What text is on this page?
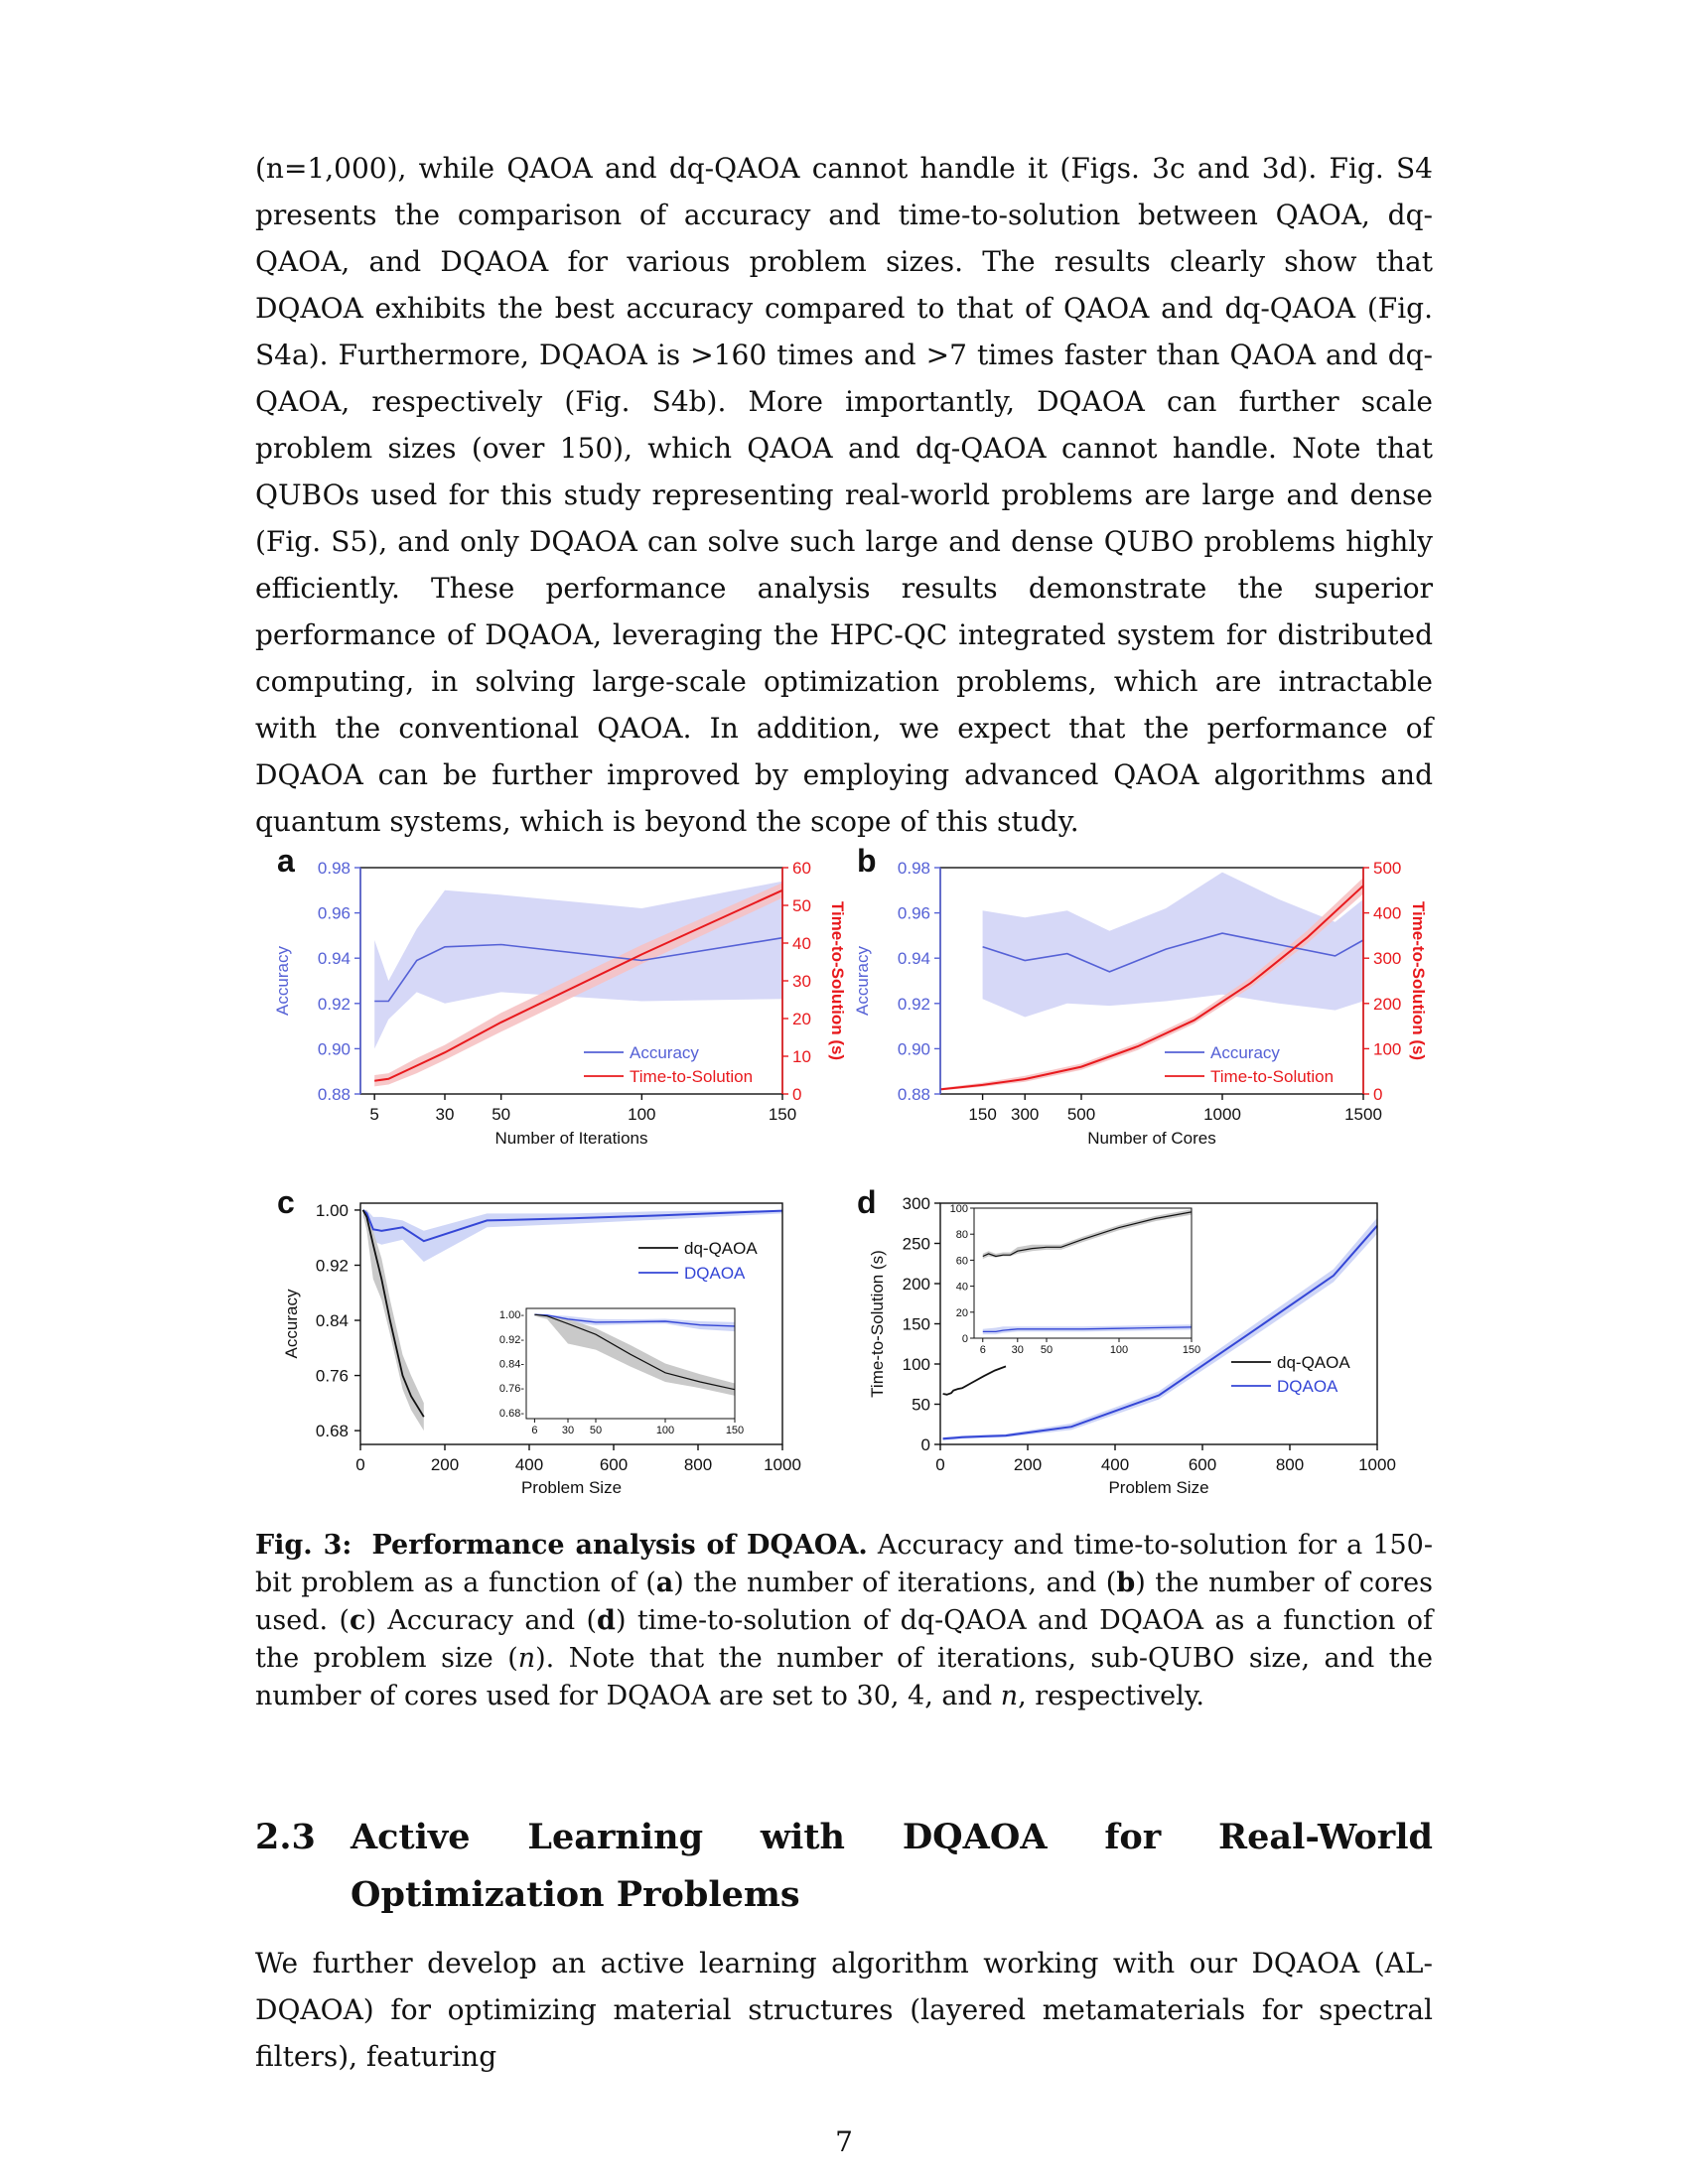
(n=1,000), while QAOA and dq-QAOA cannot handle it (Figs. 3c and 3d). Fig. S4 presents the comparison of accuracy and time-to-solution between QAOA, dq-QAOA, and DQAOA for various problem sizes. The results clearly show that DQAOA exhibits the best accuracy compared to that of QAOA and dq-QAOA (Fig. S4a). Furthermore, DQAOA is >160 times and >7 times faster than QAOA and dq-QAOA, respectively (Fig. S4b). More importantly, DQAOA can further scale problem sizes (over 150), which QAOA and dq-QAOA cannot handle. Note that QUBOs used for this study representing real-world problems are large and dense (Fig. S5), and only DQAOA can solve such large and dense QUBO problems highly efficiently. These performance analysis results demonstrate the superior performance of DQAOA, leveraging the HPC-QC integrated system for distributed computing, in solving large-scale optimization problems, which are intractable with the conventional QAOA. In addition, we expect that the performance of DQAOA can be further improved by employing advanced QAOA algorithms and quantum systems, which is beyond the scope of this study.

a
0.88
0.90
0.92
0.94
0.96
0.98
0
10
20
30
40
50
60
5	30 50	100	150
Number of Iterations
Accuracy	Time-to-Solution (s)
Accuracy
Time-to-Solution
b
0.88
0.90
0.92
0.94
0.96
0.98
0
100
200
300
400
500
150 300 500	1000	1500
Number of Cores
Accuracy	Time-to-Solution (s)
Accuracy
Time-to-Solution
c
0.68
0.76
0.84
0.92
1.00
0	200	400	600	800	1000
Problem Size
Accuracy
dq-QAOA
DQAOA
0.68-
0.76-
0.84-
0.92-
1.00-
6 30 50	100	150
d
0
50
100
150
200
250
300
0	200	400	600	800	1000
Problem Size
Time-to-Solution (s)	dq-QAOA
DQAOA
0
20
40
60
80
100
6 30 50	100	150
Fig. 3: Performance analysis of DQAOA. Accuracy and time-to-solution for a 150-bit problem as a function of (a) the number of iterations, and (b) the number of cores used. (c) Accuracy and (d) time-to-solution of dq-QAOA and DQAOA as a function of the problem size (n). Note that the number of iterations, sub-QUBO size, and the number of cores used for DQAOA are set to 30, 4, and n, respectively.
2.3 Active Learning with DQAOA for Real-World Optimization Problems

We further develop an active learning algorithm working with our DQAOA (AL-DQAOA) for optimizing material structures (layered metamaterials for spectral filters), featuring

7
